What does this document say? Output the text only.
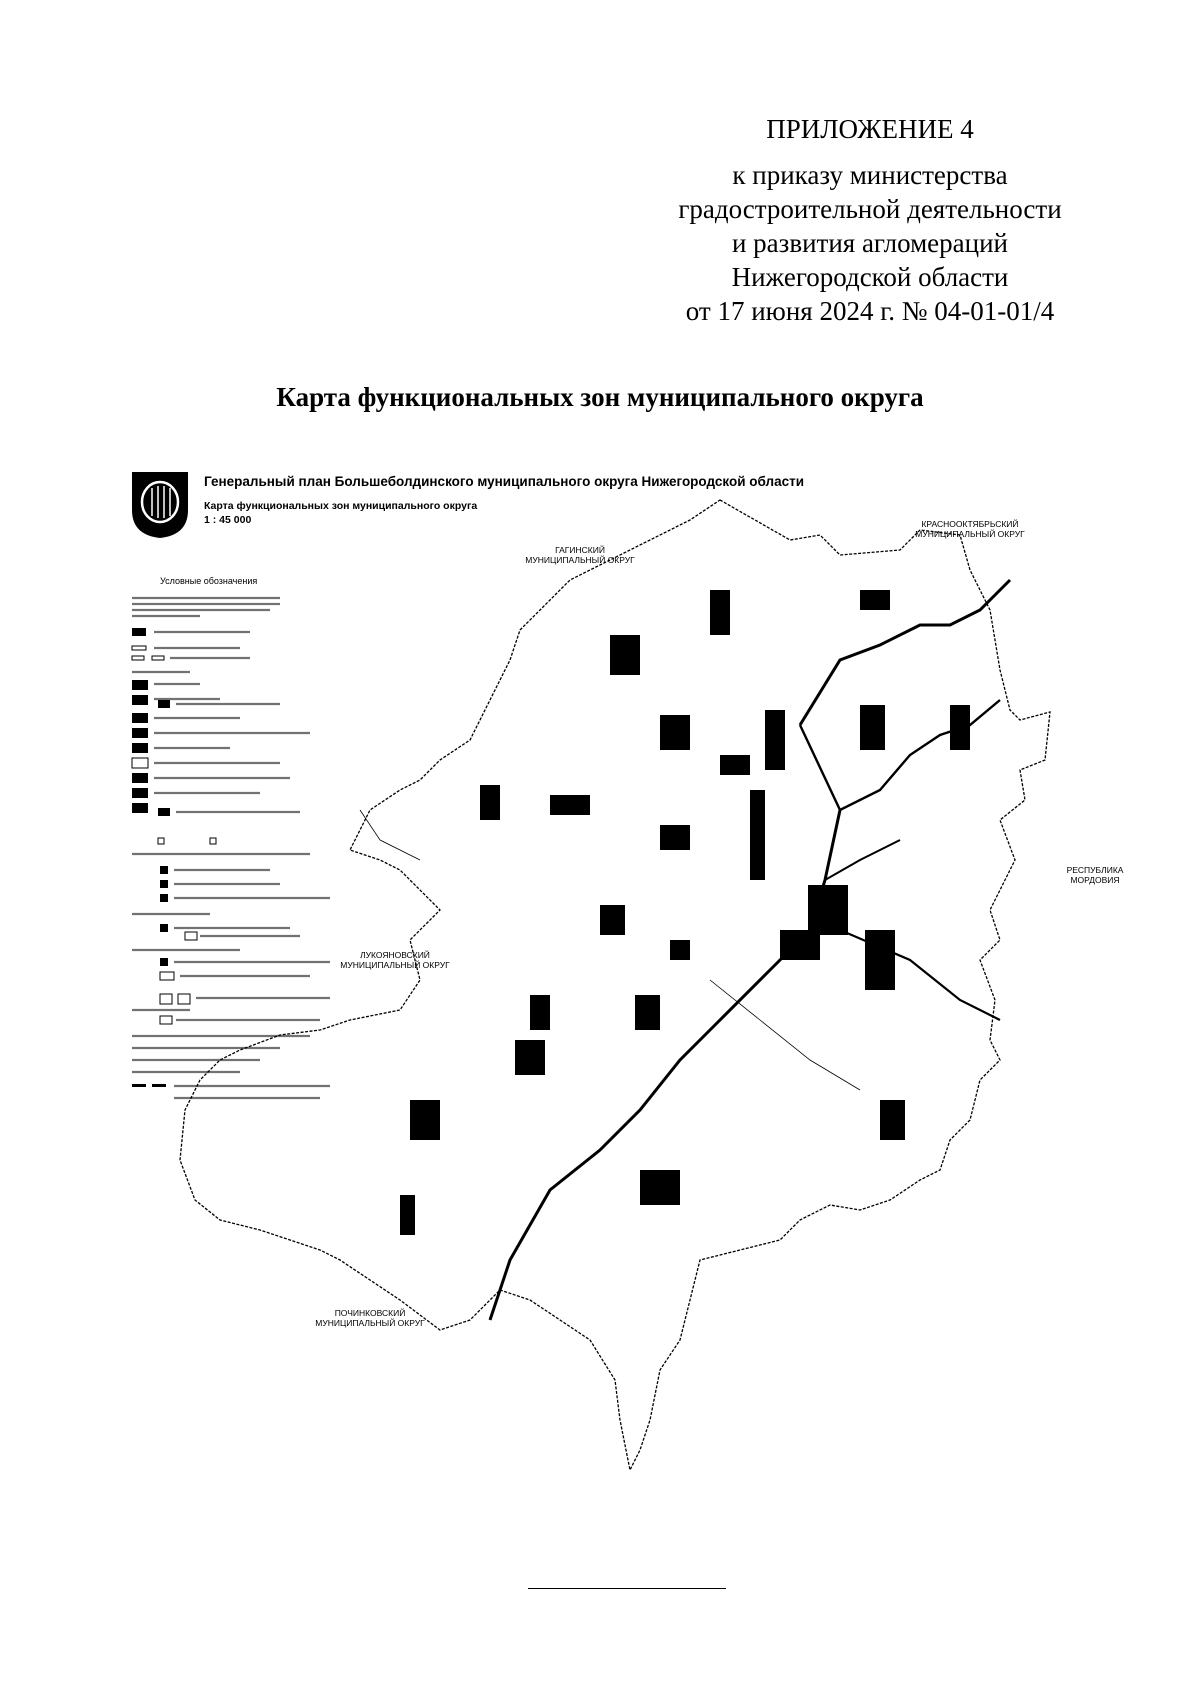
ПРИЛОЖЕНИЕ 4
к приказу министерства
градостроительной деятельности
и развития агломераций
Нижегородской области
от 17 июня 2024 г. № 04-01-01/4
Карта функциональных зон муниципального округа
Генеральный план Большеболдинского муниципального округа Нижегородской области
Карта функциональных зон муниципального округа
1 : 45 000
Условные обозначения
ГАГИНСКИЙ
МУНИЦИПАЛЬНЫЙ ОКРУГ
КРАСНООКТЯБРЬСКИЙ
МУНИЦИПАЛЬНЫЙ ОКРУГ
РЕСПУБЛИКА
МОРДОВИЯ
ЛУКОЯНОВСКИЙ
МУНИЦИПАЛЬНЫЙ ОКРУГ
ПОЧИНКОВСКИЙ
МУНИЦИПАЛЬНЫЙ ОКРУГ
